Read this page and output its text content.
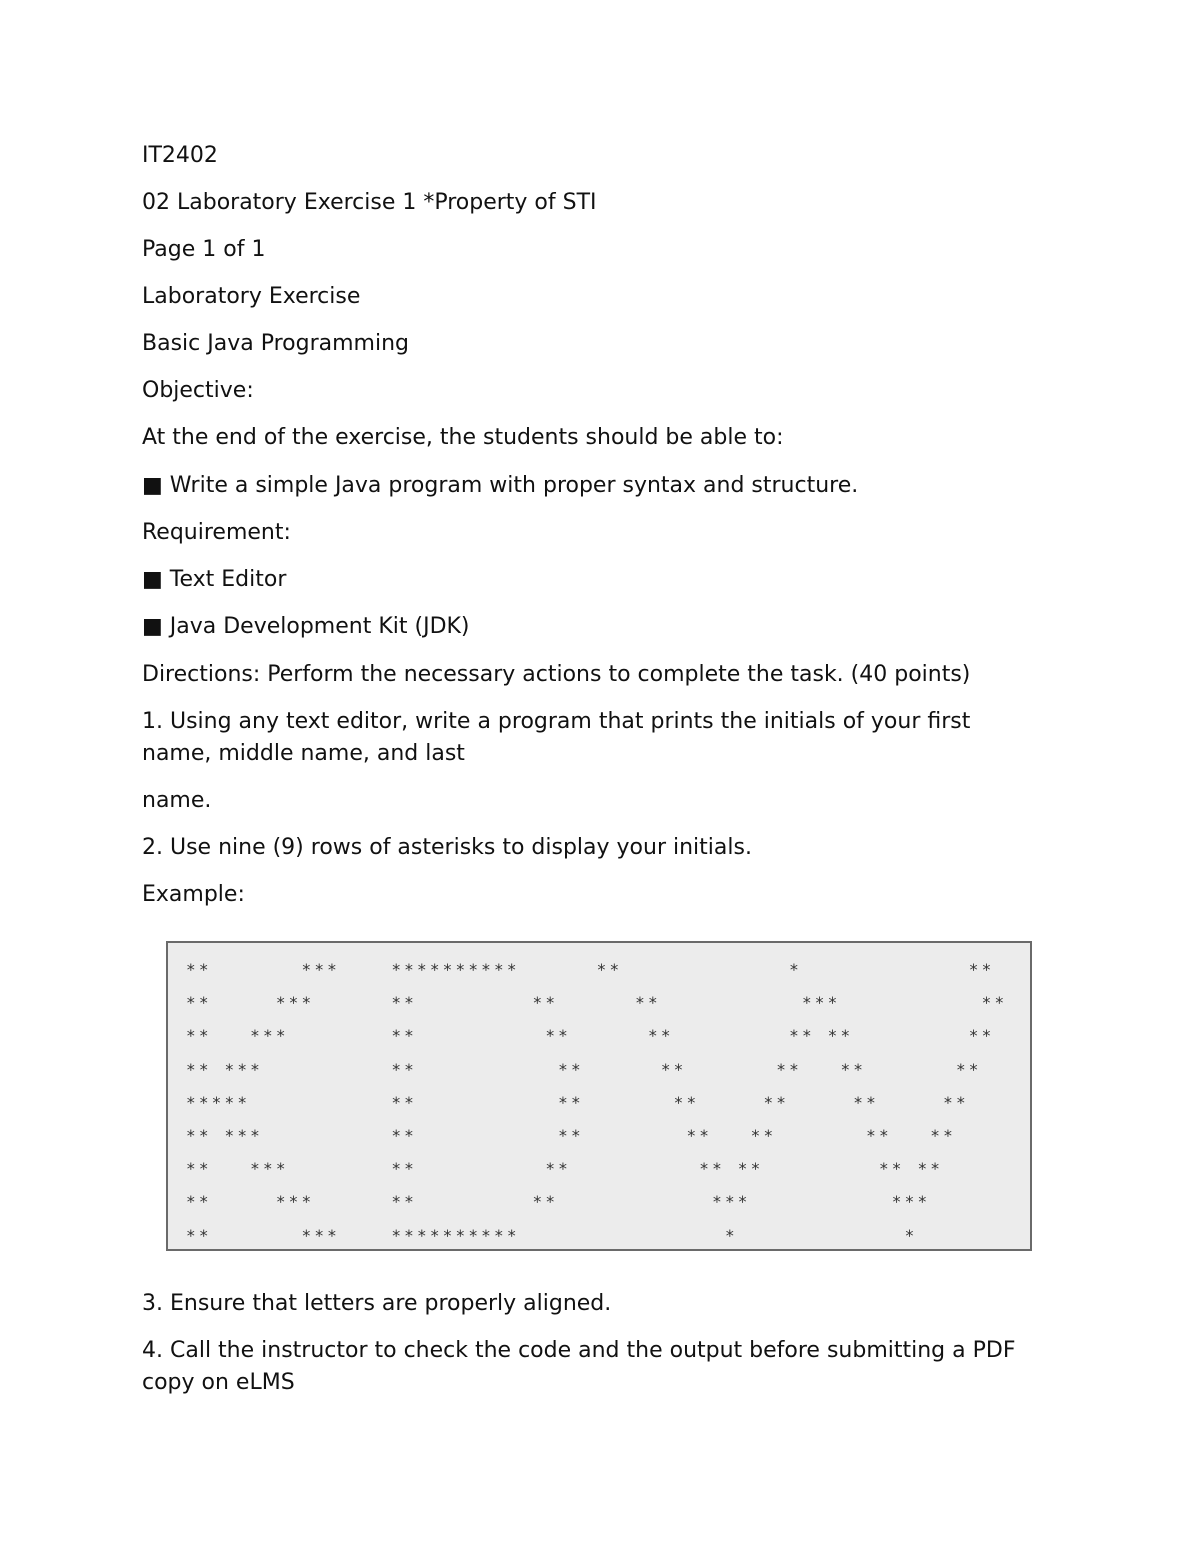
IT2402

02 Laboratory Exercise 1 *Property of STI

Page 1 of 1

Laboratory Exercise

Basic Java Programming

Objective:

At the end of the exercise, the students should be able to:

■ Write a simple Java program with proper syntax and structure.

Requirement:

■ Text Editor

■ Java Development Kit (JDK)

Directions: Perform the necessary actions to complete the task. (40 points)

1. Using any text editor, write a program that prints the initials of your first name, middle name, and last

name.

2. Use nine (9) rows of asterisks to display your initials.

Example:

**       ***    **********      **             *             **
**     ***      **         **      **           ***           **
**   ***        **          **      **         ** **         **
** ***          **           **      **       **   **       **
*****           **           **       **     **     **     **
** ***          **           **        **   **       **   **
**   ***        **          **          ** **         ** **
**     ***      **         **            ***           ***
**       ***    **********                *             *

3. Ensure that letters are properly aligned.

4. Call the instructor to check the code and the output before submitting a PDF copy on eLMS
